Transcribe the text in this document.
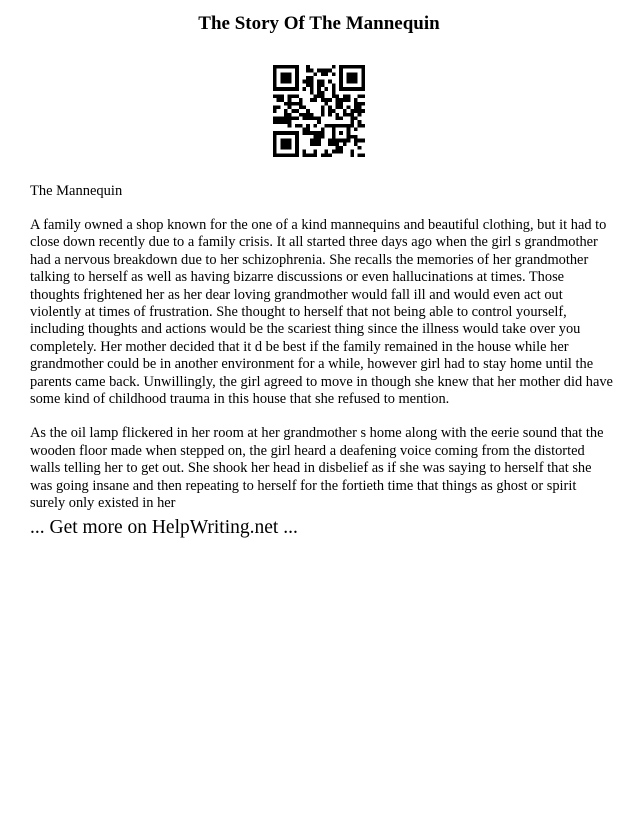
The Story Of The Mannequin
The Mannequin

A family owned a shop known for the one of a kind mannequins and beautiful clothing, but it had to close down recently due to a family crisis. It all started three days ago when the girl s grandmother had a nervous breakdown due to her schizophrenia. She recalls the memories of her grandmother talking to herself as well as having bizarre discussions or even hallucinations at times. Those thoughts frightened her as her dear loving grandmother would fall ill and would even act out violently at times of frustration. She thought to herself that not being able to control yourself, including thoughts and actions would be the scariest thing since the illness would take over you completely. Her mother decided that it d be best if the family remained in the house while her grandmother could be in another environment for a while, however girl had to stay home until the parents came back. Unwillingly, the girl agreed to move in though she knew that her mother did have some kind of childhood trauma in this house that she refused to mention.

As the oil lamp flickered in her room at her grandmother s home along with the eerie sound that the wooden floor made when stepped on, the girl heard a deafening voice coming from the distorted walls telling her to get out. She shook her head in disbelief as if she was saying to herself that she was going insane and then repeating to herself for the fortieth time that things as ghost or spirit surely only existed in her

... Get more on HelpWriting.net ...
